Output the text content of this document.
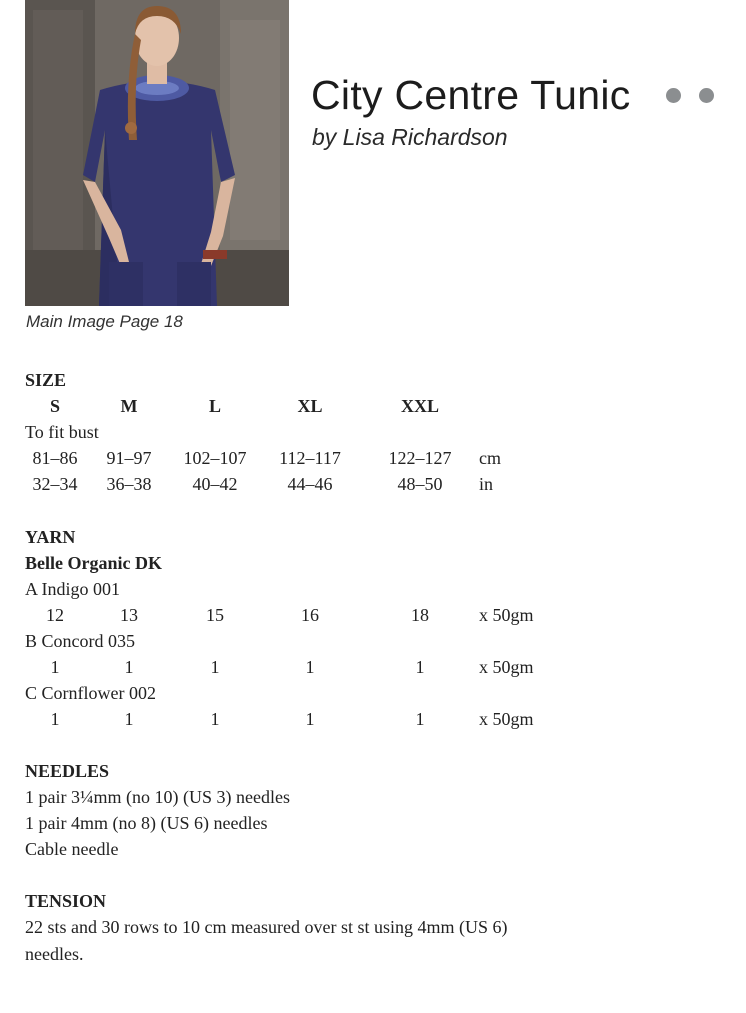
Main Image Page 18
City Centre Tunic
by Lisa Richardson
SIZE
S	M	L	XL	XXL
To fit bust
81–86 91–97 102–107 112–117	122–127 cm
32–34 36–38 40–42	44–46	48–50 in
YARN
Belle Organic DK
A Indigo 001
12	13	15	16	18	x 50gm
B Concord 035
1	1	1	1	1	x 50gm
C Cornflower 002
1	1	1	1	1	x 50gm
NEEDLES
1 pair 3¼mm (no 10) (US 3) needles
1 pair 4mm (no 8) (US 6) needles
Cable needle
TENSION
22 sts and 30 rows to 10 cm measured over st st using 4mm (US 6)
needles.
